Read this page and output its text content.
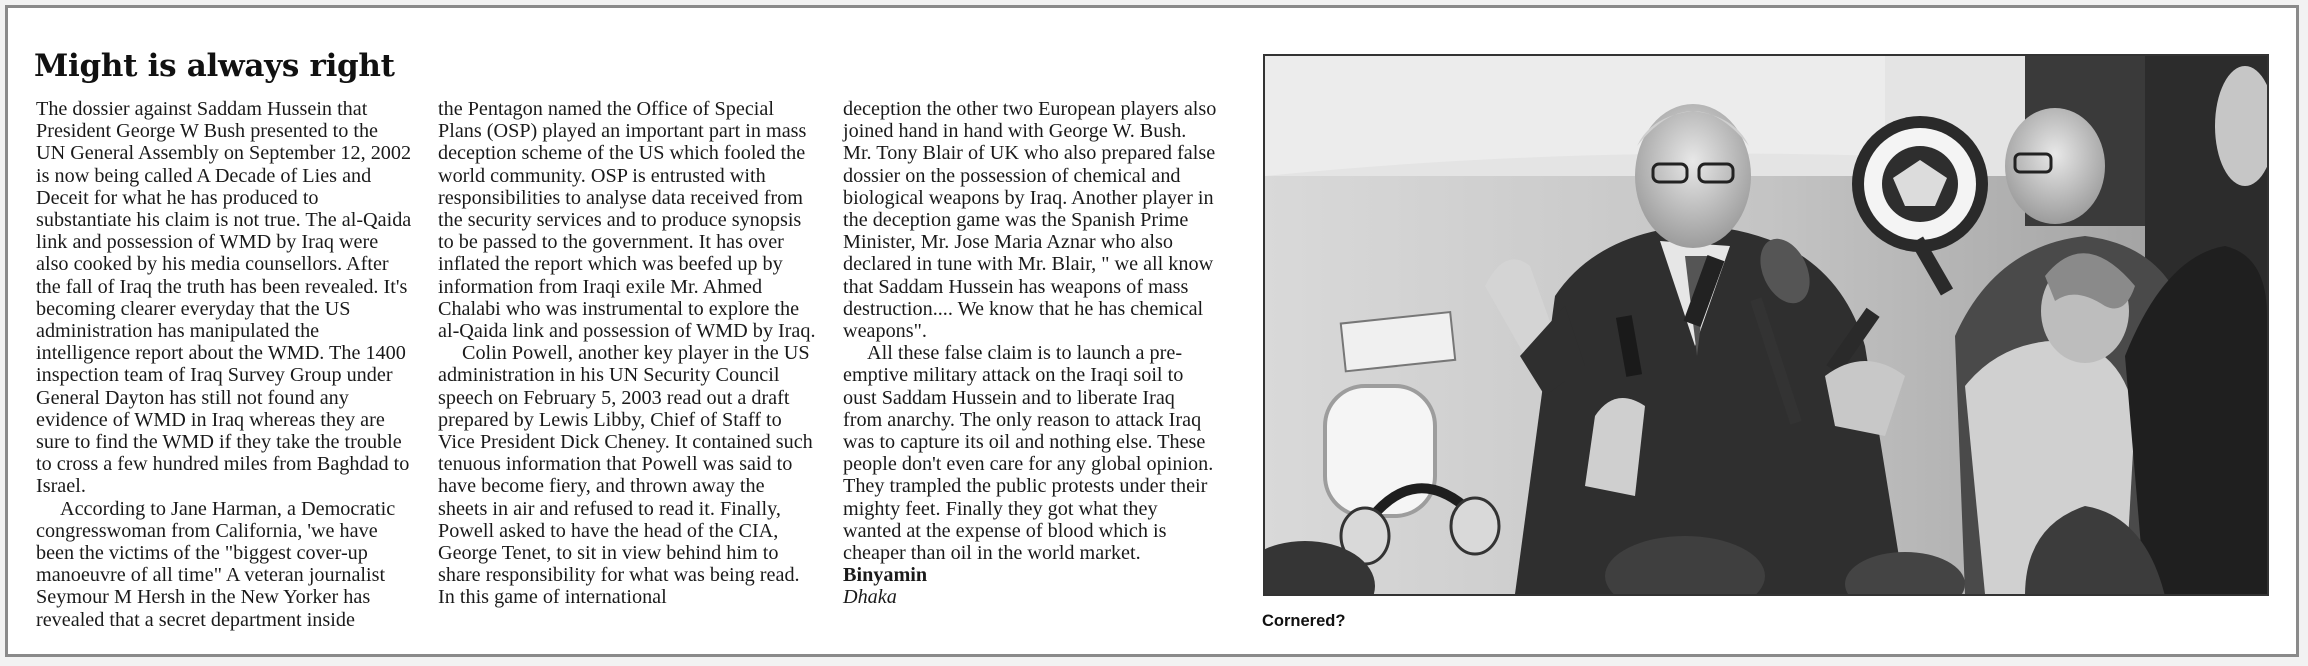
Might is always right

The dossier against Saddam Hussein that President George W Bush presented to the UN General Assembly on September 12, 2002 is now being called A Decade of Lies and Deceit for what he has produced to substantiate his claim is not true. The al-Qaida link and possession of WMD by Iraq were also cooked by his media counsellors. After the fall of Iraq the truth has been revealed. It's becoming clearer everyday that the US administration has manipulated the intelligence report about the WMD. The 1400 inspection team of Iraq Survey Group under General Dayton has still not found any evidence of WMD in Iraq whereas they are sure to find the WMD if they take the trouble to cross a few hundred miles from Baghdad to Israel.

According to Jane Harman, a Democratic congresswoman from California, 'we have been the victims of the "biggest cover-up manoeuvre of all time" A veteran journalist Seymour M Hersh in the New Yorker has revealed that a secret department inside

the Pentagon named the Office of Special Plans (OSP) played an important part in mass deception scheme of the US which fooled the world community. OSP is entrusted with responsibilities to analyse data received from the security services and to produce synopsis to be passed to the government. It has over inflated the report which was beefed up by information from Iraqi exile Mr. Ahmed Chalabi who was instrumental to explore the al-Qaida link and possession of WMD by Iraq.

Colin Powell, another key player in the US administration in his UN Security Council speech on February 5, 2003 read out a draft prepared by Lewis Libby, Chief of Staff to Vice President Dick Cheney. It contained such tenuous information that Powell was said to have become fiery, and thrown away the sheets in air and refused to read it. Finally, Powell asked to have the head of the CIA, George Tenet, to sit in view behind him to share responsibility for what was being read. In this game of international

deception the other two European players also joined hand in hand with George W. Bush. Mr. Tony Blair of UK who also prepared false dossier on the possession of chemical and biological weapons by Iraq. Another player in the deception game was the Spanish Prime Minister, Mr. Jose Maria Aznar who also declared in tune with Mr. Blair, " we all know that Saddam Hussein has weapons of mass destruction.... We know that he has chemical weapons".

All these false claim is to launch a pre-emptive military attack on the Iraqi soil to oust Saddam Hussein and to liberate Iraq from anarchy. The only reason to attack Iraq was to capture its oil and nothing else. These people don't even care for any global opinion. They trampled the public protests under their mighty feet. Finally they got what they wanted at the expense of blood which is cheaper than oil in the world market.

Binyamin

Dhaka

Cornered?
